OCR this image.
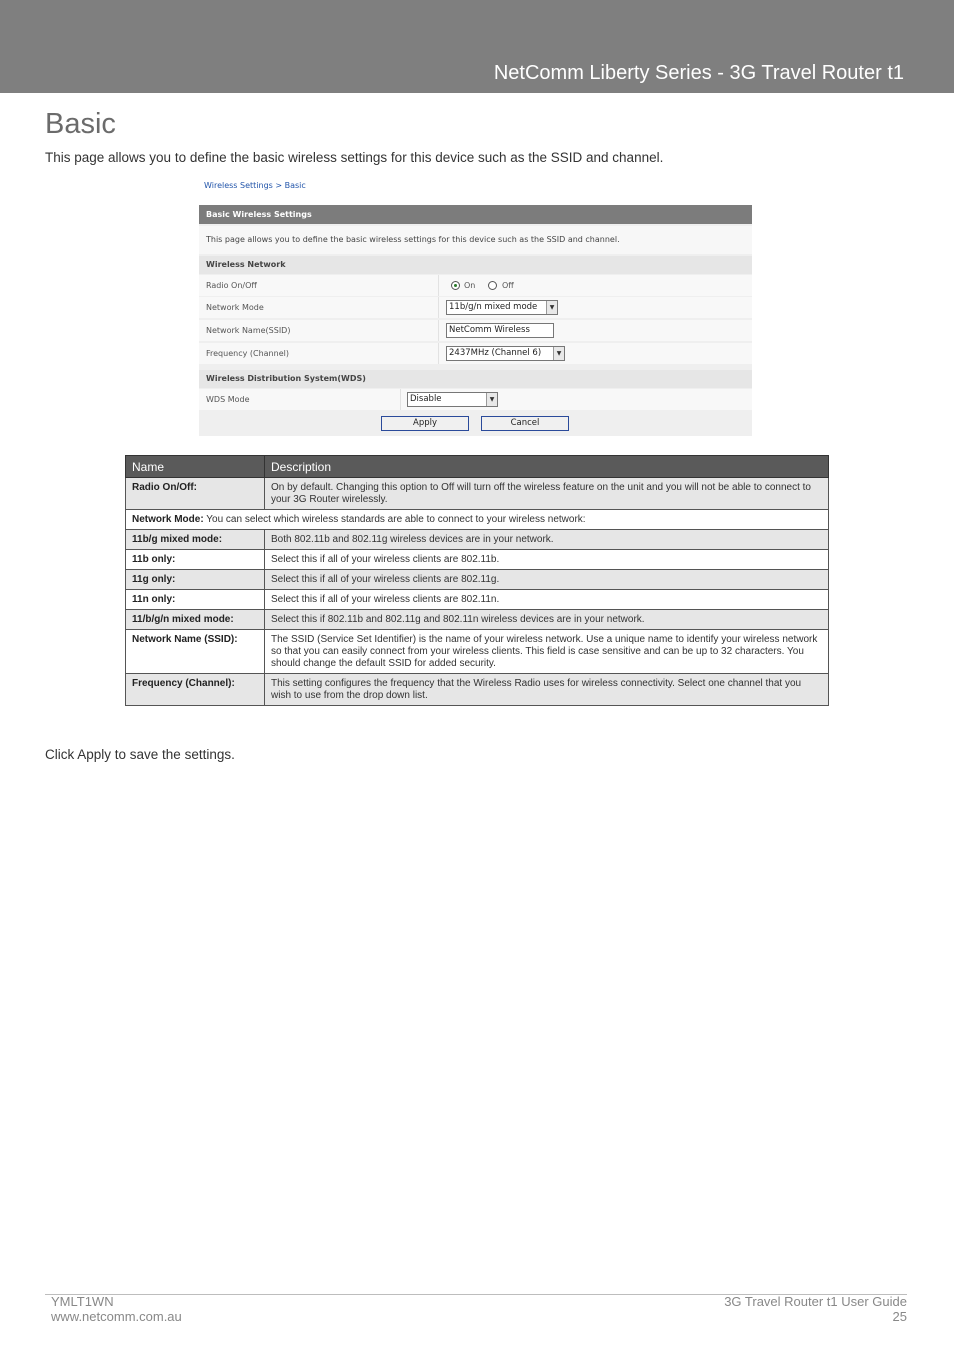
NetComm Liberty Series - 3G Travel Router t1
Basic

This page allows you to define the basic wireless settings for this device such as the SSID and channel.

Wireless Settings > Basic
Basic Wireless Settings
This page allows you to define the basic wireless settings for this device such as the SSID and channel.
Wireless Network
Radio On/Off	On	Off
Network Mode	11b/g/n mixed mode	▼
Network Name(SSID)	NetComm Wireless
Frequency (Channel)	2437MHz (Channel 6)	▼
Wireless Distribution System(WDS)
WDS Mode	Disable	▼
Apply	Cancel
Name	Description
Radio On/Off:	On by default. Changing this option to Off will turn off the wireless feature on the unit and you will not be able to connect to your 3G Router wirelessly.
Network Mode: You can select which wireless standards are able to connect to your wireless network:	
11b/g mixed mode:	Both 802.11b and 802.11g wireless devices are in your network.
11b only:	Select this if all of your wireless clients are 802.11b.
11g only:	Select this if all of your wireless clients are 802.11g.
11n only:	Select this if all of your wireless clients are 802.11n.
11/b/g/n mixed mode:	Select this if 802.11b and 802.11g and 802.11n wireless devices are in your network.
Network Name (SSID):	The SSID (Service Set Identifier) is the name of your wireless network. Use a unique name to identify your wireless network so that you can easily connect from your wireless clients. This field is case sensitive and can be up to 32 characters. You should change the default SSID for added security.
Frequency (Channel):	This setting configures the frequency that the Wireless Radio uses for wireless connectivity. Select one channel that you wish to use from the drop down list.

Click Apply to save the settings.

YMLT1WN
www.netcomm.com.au
3G Travel Router t1 User Guide
25
